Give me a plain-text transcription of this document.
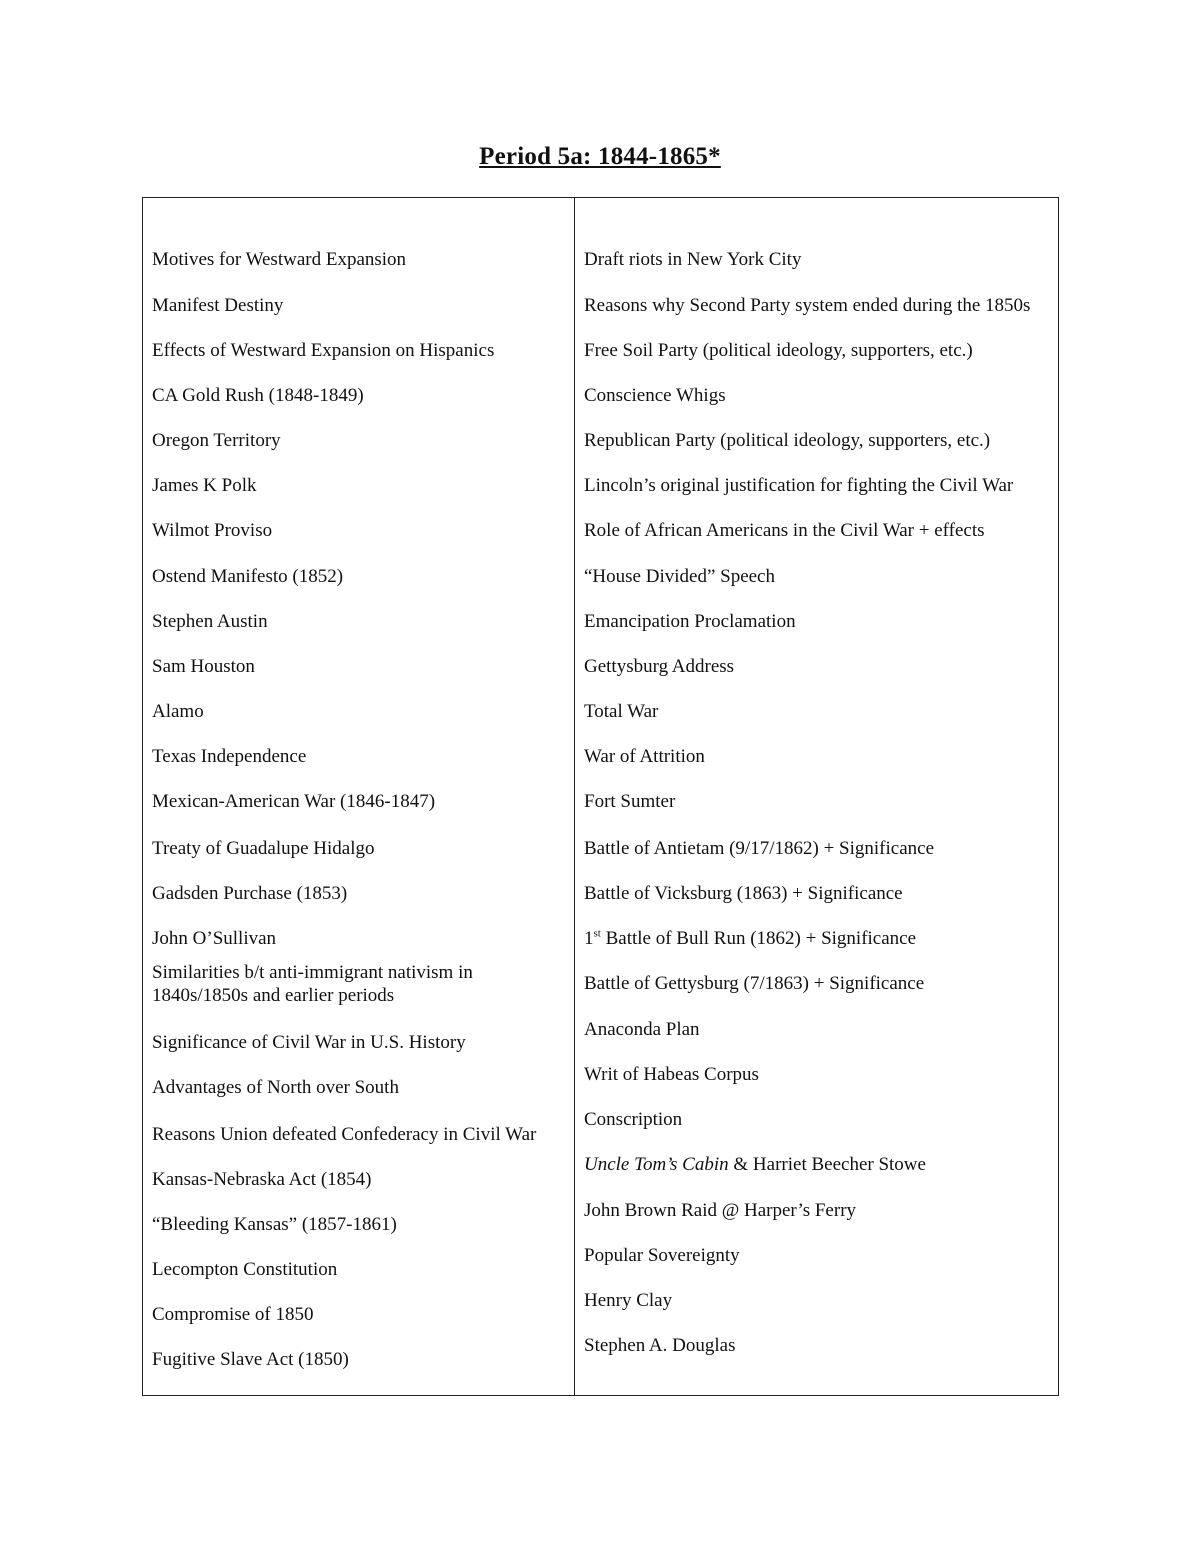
Period 5a: 1844-1865*
Motives for Westward Expansion
Manifest Destiny
Effects of Westward Expansion on Hispanics
CA Gold Rush (1848-1849)
Oregon Territory
James K Polk
Wilmot Proviso
Ostend Manifesto (1852)
Stephen Austin
Sam Houston
Alamo
Texas Independence
Mexican-American War (1846-1847)
Treaty of Guadalupe Hidalgo
Gadsden Purchase (1853)
John O’Sullivan
Similarities b/t anti-immigrant nativism in 1840s/1850s and earlier periods
Significance of Civil War in U.S. History
Advantages of North over South
Reasons Union defeated Confederacy in Civil War
Kansas-Nebraska Act (1854)
“Bleeding Kansas” (1857-1861)
Lecompton Constitution
Compromise of 1850
Fugitive Slave Act (1850)
Draft riots in New York City
Reasons why Second Party system ended during the 1850s
Free Soil Party (political ideology, supporters, etc.)
Conscience Whigs
Republican Party (political ideology, supporters, etc.)
Lincoln’s original justification for fighting the Civil War
Role of African Americans in the Civil War + effects
“House Divided” Speech
Emancipation Proclamation
Gettysburg Address
Total War
War of Attrition
Fort Sumter
Battle of Antietam (9/17/1862) + Significance
Battle of Vicksburg (1863) + Significance
1st Battle of Bull Run (1862) + Significance
Battle of Gettysburg (7/1863) + Significance
Anaconda Plan
Writ of Habeas Corpus
Conscription
Uncle Tom’s Cabin & Harriet Beecher Stowe
John Brown Raid @ Harper’s Ferry
Popular Sovereignty
Henry Clay
Stephen A. Douglas
